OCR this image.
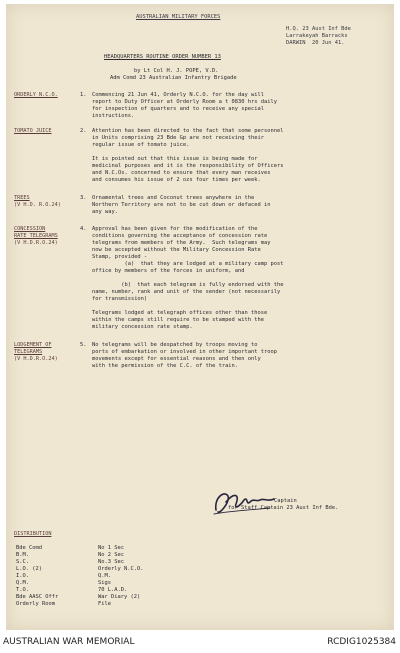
AUSTRALIAN MILITARY FORCES
H.Q. 23 Aust Inf Bde
Larrakeyah Barracks
DARWIN 20 Jun 41.
HEADQUARTERS ROUTINE ORDER NUMBER 13
by Lt Col H. J. POPE, V.D.
Adm Comd 23 Australian Infantry Brigade
ORDERLY N.C.O.	1. Commencing 21 Jun 41, Orderly N.C.O. for the day will
report to Duty Officer at Orderly Room a t 0830 hrs daily
for inspection of quarters and to receive any special
instructions.
TOMATO JUICE	2. Attention has been directed to the fact that some personnel
in Units comprising 23 Bde Gp are not receiving their
regular issue of tomato juice.
It is pointed out that this issue is being made for
medicinal purposes and it is the responsibility of Officers
and N.C.Os. concerned to ensure that every man receives
and consumes his issue of 2 ozs four times per week.
TREES
(V H.D. R.O.24)
3. Ornamental trees and Coconut trees anywhere in the
Northern Territory are not to be cut down or defaced in
any way.
CONCESSION
RATE TELEGRAMS
(V H.D.R.O.24)
4. Approval has been given for the modification of the
conditions governing the acceptance of concession rate
telegrams from members of the Army.  Such telegrams may
now be accepted without the Military Concession Rate
Stamp, provided -
(a)  that they are lodged at a military camp post
office by members of the forces in uniform, and
(b)  that each telegram is fully endorsed with the
name, number, rank and unit of the sender (not necessarily
for transmission)
Telegrams lodged at telegraph offices other than those
within the camps still require to be stamped with the
military concession rate stamp.
LODGEMENT OF
TELEGRAMS
(V H.D.R.O.24)
5. No telegrams will be despatched by troops moving to
ports of embarkation or involved in other important troop
movements except for essential reasons and then only
with the permission of the C.C. of the train.
Captain
for Staff Captain 23 Aust Inf Bde.
DISTRIBUTION
Bde Comd
B.M.
S.C.
L.O. (2)
I.O.
Q.M.
T.O.
Bde AASC Offr
Orderly Room
No 1 Sec
No 2 Sec
No.3 Sec
Orderly N.C.O.
Q.M.
Sigs
70 L.A.D.
War Diary (2)
File
AUSTRALIAN WAR MEMORIAL	RCDIG1025384
